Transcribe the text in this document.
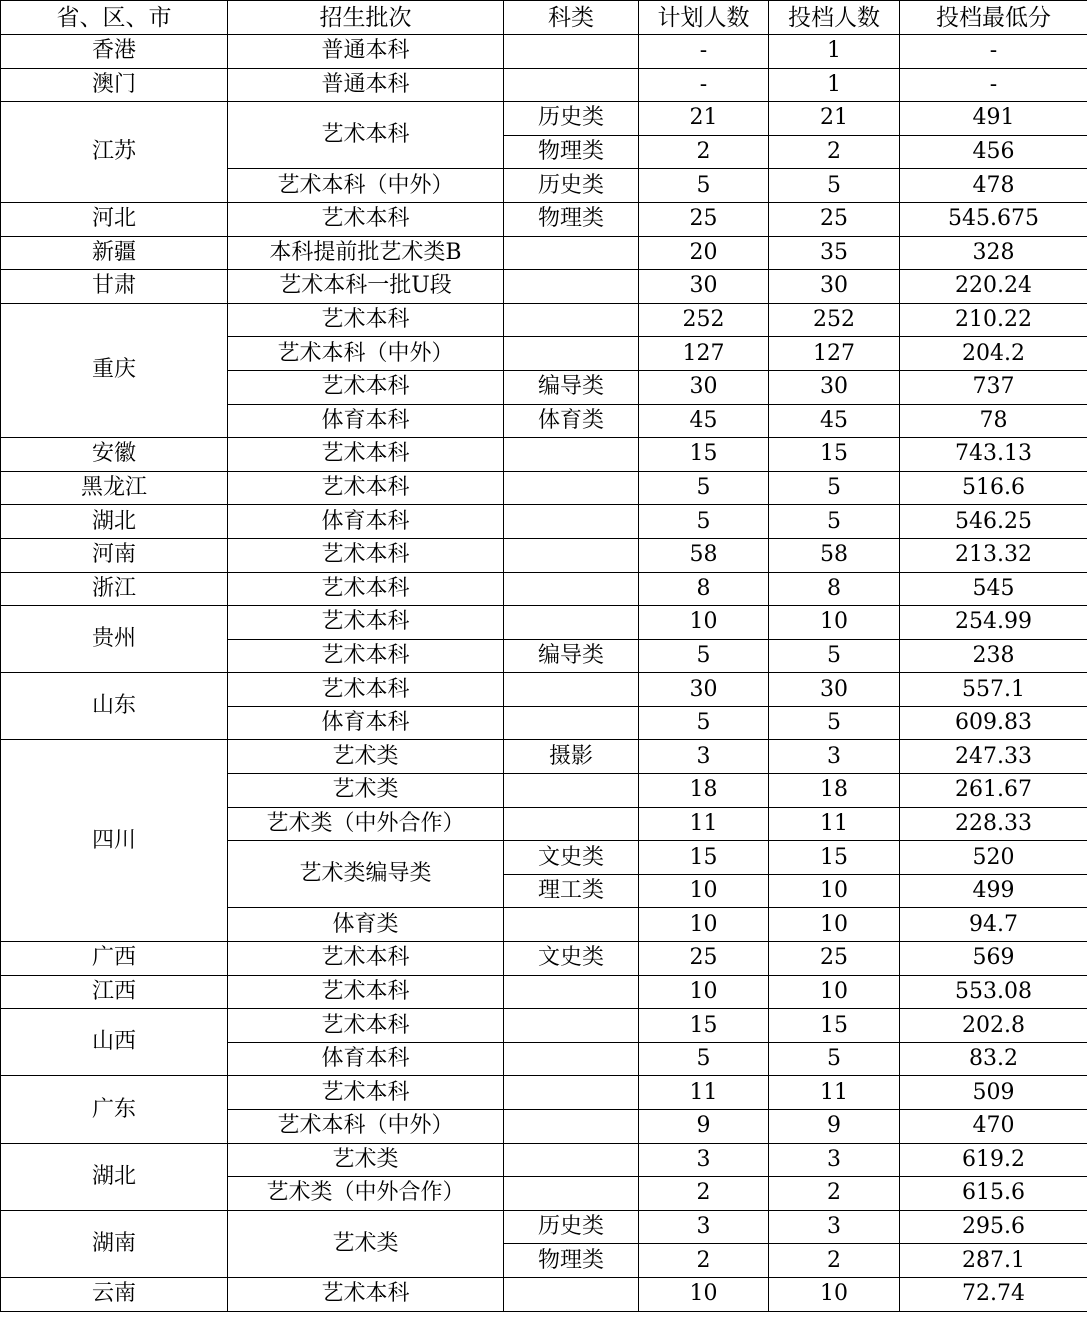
省、区、市	招生批次	科类	计划人数	投档人数	投档最低分
香港	普通本科		-	1	-
澳门	普通本科		-	1	-
江苏	艺术本科	历史类	21	21	491
		物理类	2	2	456
	艺术本科（中外）	历史类	5	5	478
河北	艺术本科	物理类	25	25	545.675
新疆	本科提前批艺术类B		20	35	328
甘肃	艺术本科一批U段		30	30	220.24
重庆	艺术本科		252	252	210.22
	艺术本科（中外）		127	127	204.2
	艺术本科	编导类	30	30	737
	体育本科	体育类	45	45	78
安徽	艺术本科		15	15	743.13
黑龙江	艺术本科		5	5	516.6
湖北	体育本科		5	5	546.25
河南	艺术本科		58	58	213.32
浙江	艺术本科		8	8	545
贵州	艺术本科		10	10	254.99
	艺术本科	编导类	5	5	238
山东	艺术本科		30	30	557.1
	体育本科		5	5	609.83
四川	艺术类	摄影	3	3	247.33
	艺术类		18	18	261.67
	艺术类（中外合作）		11	11	228.33
	艺术类编导类	文史类	15	15	520
		理工类	10	10	499
	体育类		10	10	94.7
广西	艺术本科	文史类	25	25	569
江西	艺术本科		10	10	553.08
山西	艺术本科		15	15	202.8
	体育本科		5	5	83.2
广东	艺术本科		11	11	509
	艺术本科（中外）		9	9	470
湖北	艺术类		3	3	619.2
	艺术类（中外合作）		2	2	615.6
湖南	艺术类	历史类	3	3	295.6
		物理类	2	2	287.1
云南	艺术本科		10	10	72.74
